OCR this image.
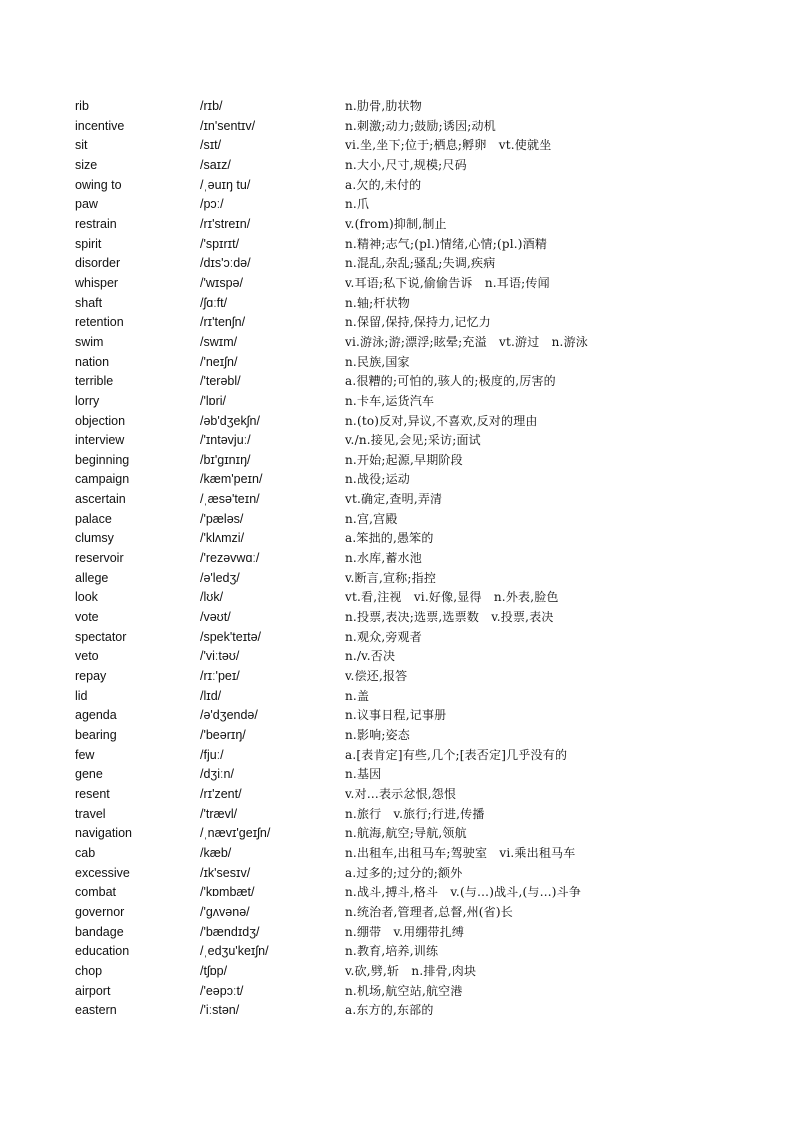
rib	/rɪb/	n.肋骨,肋状物
incentive	/ɪn'sentɪv/	n.刺激;动力;鼓励;诱因;动机
sit	/sɪt/	vi.坐,坐下;位于;栖息;孵卵　vt.使就坐
size	/saɪz/	n.大小,尺寸,规模;尺码
owing to	/ˌəuɪŋ tu/	a.欠的,未付的
paw	/pɔː/	n.爪
restrain	/rɪ'streɪn/	v.(from)抑制,制止
spirit	/'spɪrɪt/	n.精神;志气;(pl.)情绪,心情;(pl.)酒精
disorder	/dɪs'ɔːdə/	n.混乱,杂乱;骚乱;失调,疾病
whisper	/'wɪspə/	v.耳语;私下说,偷偷告诉　n.耳语;传闻
shaft	/ʃɑːft/	n.轴;杆状物
retention	/rɪ'tenʃn/	n.保留,保持,保持力,记忆力
swim	/swɪm/	vi.游泳;游;漂浮;眩晕;充溢　vt.游过　n.游泳
nation	/'neɪʃn/	n.民族,国家
terrible	/'terəbl/	a.很糟的;可怕的,骇人的;极度的,厉害的
lorry	/'lɒri/	n.卡车,运货汽车
objection	/əb'dʒekʃn/	n.(to)反对,异议,不喜欢,反对的理由
interview	/'ɪntəvjuː/	v./n.接见,会见;采访;面试
beginning	/bɪ'gɪnɪŋ/	n.开始;起源,早期阶段
campaign	/kæm'peɪn/	n.战役;运动
ascertain	/ˌæsə'teɪn/	vt.确定,查明,弄清
palace	/'pæləs/	n.宫,宫殿
clumsy	/'klʌmzi/	a.笨拙的,愚笨的
reservoir	/'rezəvwɑː/	n.水库,蓄水池
allege	/ə'ledʒ/	v.断言,宣称;指控
look	/lʊk/	vt.看,注视　vi.好像,显得　n.外表,脸色
vote	/vəʊt/	n.投票,表决;选票,选票数　v.投票,表决
spectator	/spek'teɪtə/	n.观众,旁观者
veto	/'viːtəʊ/	n./v.否决
repay	/rɪː'peɪ/	v.偿还,报答
lid	/lɪd/	n.盖
agenda	/ə'dʒendə/	n.议事日程,记事册
bearing	/'beərɪŋ/	n.影响;姿态
few	/fjuː/	a.[表肯定]有些,几个;[表否定]几乎没有的
gene	/dʒiːn/	n.基因
resent	/rɪ'zent/	v.对…表示忿恨,怨恨
travel	/'trævl/	n.旅行　v.旅行;行进,传播
navigation	/ˌnævɪ'geɪʃn/	n.航海,航空;导航,领航
cab	/kæb/	n.出租车,出租马车;驾驶室　vi.乘出租马车
excessive	/ɪk'sesɪv/	a.过多的;过分的;额外
combat	/'kɒmbæt/	n.战斗,搏斗,格斗　v.(与…)战斗,(与…)斗争
governor	/'gʌvənə/	n.统治者,管理者,总督,州(省)长
bandage	/'bændɪdʒ/	n.绷带　v.用绷带扎缚
education	/ˌedʒu'keɪʃn/	n.教育,培养,训练
chop	/tʃɒp/	v.砍,劈,斩　n.排骨,肉块
airport	/'eəpɔːt/	n.机场,航空站,航空港
eastern	/'iːstən/	a.东方的,东部的
